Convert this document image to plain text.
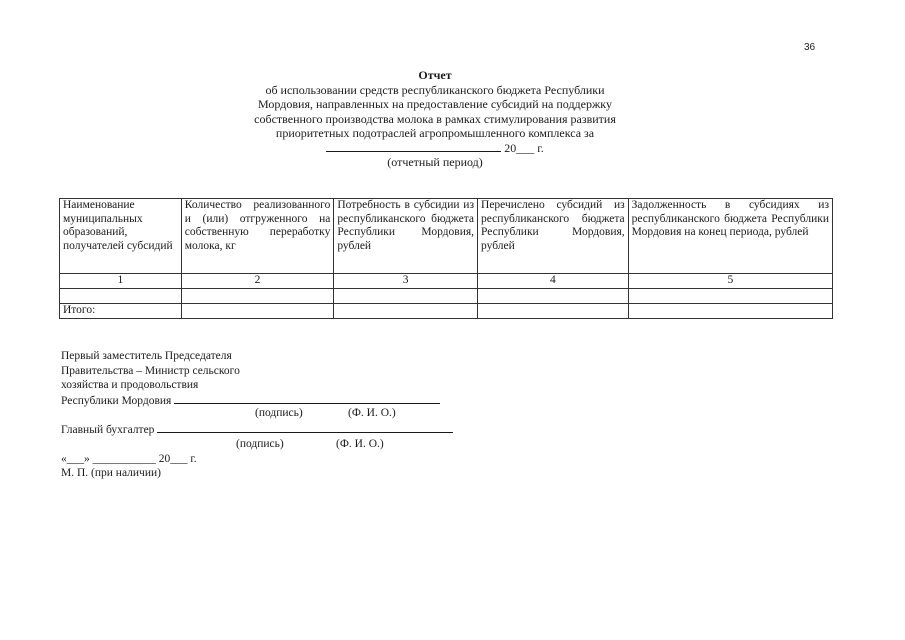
36
Отчет
об использовании средств республиканского бюджета Республики
Мордовия, направленных на предоставление субсидий на поддержку
собственного производства молока в рамках стимулирования развития
приоритетных подотраслей агропромышленного комплекса за
20___ г.
(отчетный период)
Наименование муниципальных образований, получателей субсидий	Количество реализованного и (или) отгруженного на собственную переработку молока, кг	Потребность в субсидии из республиканского бюджета Республики Мордовия, рублей	Перечислено субсидий из республиканского бюджета Республики Мордовия, рублей	Задолженность в субсидиях из республиканского бюджета Республики Мордовия на конец периода, рублей
1	2	3	4	5

Итого:				
Первый заместитель Председателя
Правительства – Министр сельского
хозяйства и продовольствия
Республики Мордовия
Главный бухгалтер
«___» ___________ 20___ г.
М. П. (при наличии)
(подпись)	(Ф. И. О.)
(подпись)	(Ф. И. О.)
